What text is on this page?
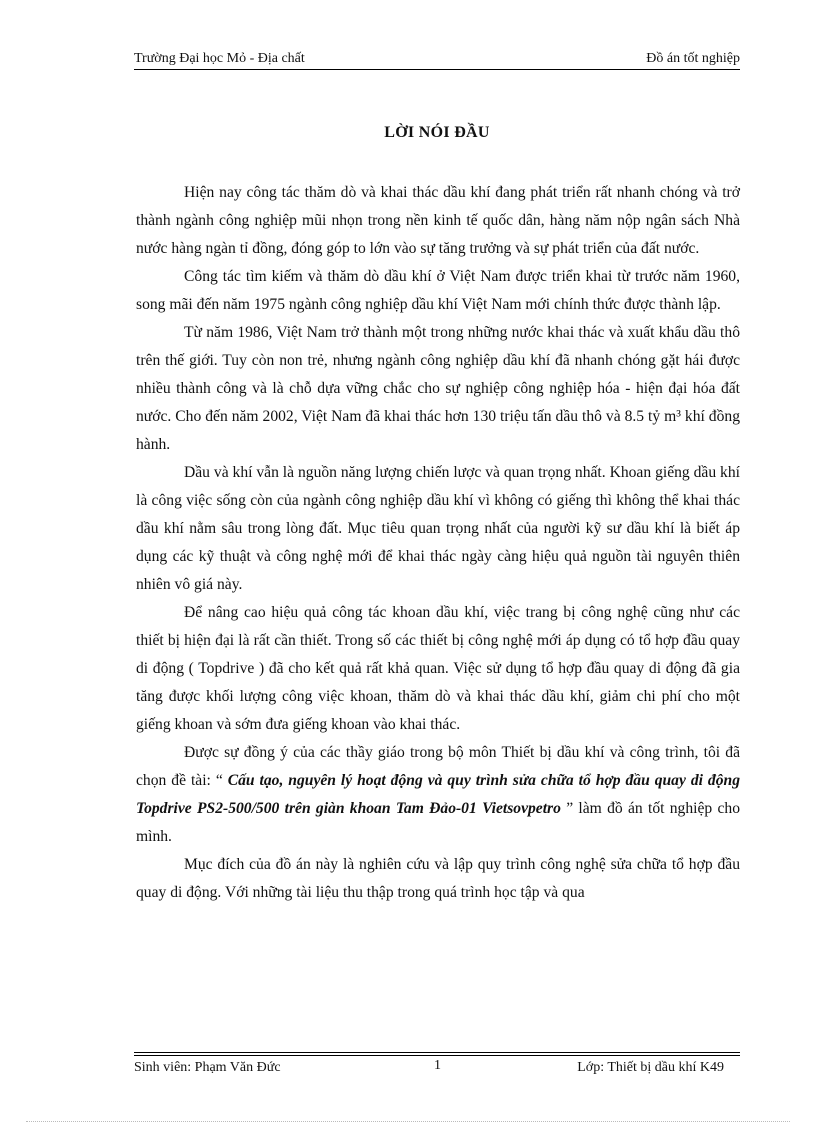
Trường Đại học Mỏ - Địa chất	Đồ án tốt nghiệp
LỜI NÓI ĐẦU

Hiện nay công tác thăm dò và khai thác dầu khí đang phát triển rất nhanh chóng và trở thành ngành công nghiệp mũi nhọn trong nền kinh tế quốc dân, hàng năm nộp ngân sách Nhà nước hàng ngàn tỉ đồng, đóng góp to lớn vào sự tăng trưởng và sự phát triển của đất nước.

Công tác tìm kiếm và thăm dò dầu khí ở Việt Nam được triển khai từ trước năm 1960, song mãi đến năm 1975 ngành công nghiệp dầu khí Việt Nam mới chính thức được thành lập.

Từ năm 1986, Việt Nam trở thành một trong những nước khai thác và xuất khẩu dầu thô trên thế giới. Tuy còn non trẻ, nhưng ngành công nghiệp dầu khí đã nhanh chóng gặt hái được nhiều thành công và là chỗ dựa vững chắc cho sự nghiệp công nghiệp hóa - hiện đại hóa đất nước. Cho đến năm 2002, Việt Nam đã khai thác hơn 130 triệu tấn dầu thô và 8.5 tỷ m³ khí đồng hành.

Dầu và khí vẫn là nguồn năng lượng chiến lược và quan trọng nhất. Khoan giếng dầu khí là công việc sống còn của ngành công nghiệp dầu khí vì không có giếng thì không thể khai thác dầu khí nằm sâu trong lòng đất. Mục tiêu quan trọng nhất của người kỹ sư dầu khí là biết áp dụng các kỹ thuật và công nghệ mới để khai thác ngày càng hiệu quả nguồn tài nguyên thiên nhiên vô giá này.

Để nâng cao hiệu quả công tác khoan dầu khí, việc trang bị công nghệ cũng như các thiết bị hiện đại là rất cần thiết. Trong số các thiết bị công nghệ mới áp dụng có tổ hợp đầu quay di động ( Topdrive ) đã cho kết quả rất khả quan. Việc sử dụng tổ hợp đầu quay di động đã gia tăng được khối lượng công việc khoan, thăm dò và khai thác dầu khí, giảm chi phí cho một giếng khoan và sớm đưa giếng khoan vào khai thác.

Được sự đồng ý của các thầy giáo trong bộ môn Thiết bị dầu khí và công trình, tôi đã chọn đề tài: “ Cấu tạo, nguyên lý hoạt động và quy trình sửa chữa tổ hợp đầu quay di động Topdrive PS2-500/500 trên giàn khoan Tam Đảo-01 Vietsovpetro ” làm đồ án tốt nghiệp cho mình.

Mục đích của đồ án này là nghiên cứu và lập quy trình công nghệ sửa chữa tổ hợp đầu quay di động. Với những tài liệu thu thập trong quá trình học tập và qua

Sinh viên: Phạm Văn Đức	1	Lớp: Thiết bị dầu khí K49
